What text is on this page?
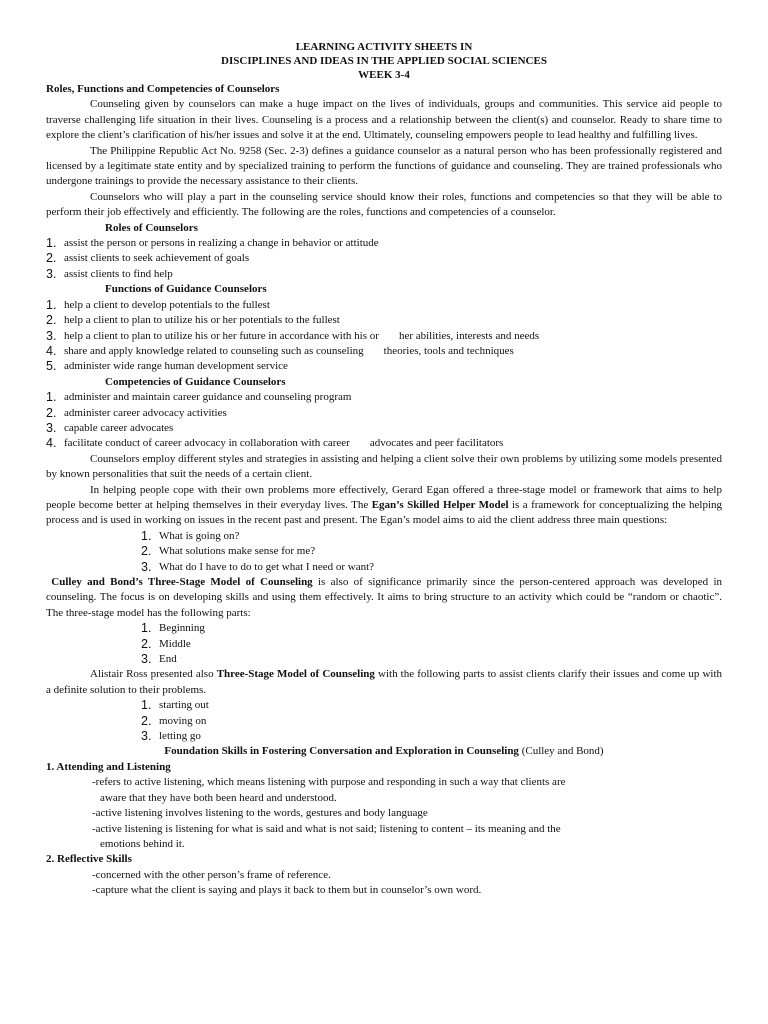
LEARNING ACTIVITY SHEETS IN
DISCIPLINES AND IDEAS IN THE APPLIED SOCIAL SCIENCES
WEEK 3-4
Roles, Functions and Competencies of Counselors

Counseling given by counselors can make a huge impact on the lives of individuals, groups and communities. This service aid people to traverse challenging life situation in their lives. Counseling is a process and a relationship between the client(s) and counselor. Ready to share time to explore the client’s clarification of his/her issues and solve it at the end. Ultimately, counseling empowers people to lead healthy and fulfilling lives.

The Philippine Republic Act No. 9258 (Sec. 2-3) defines a guidance counselor as a natural person who has been professionally registered and licensed by a legitimate state entity and by specialized training to perform the functions of guidance and counseling. They are trained professionals who undergone trainings to provide the necessary assistance to their clients.

Counselors who will play a part in the counseling service should know their roles, functions and competencies so that they will be able to perform their job effectively and efficiently. The following are the roles, functions and competencies of a counselor.

Roles of Counselors
1. assist the person or persons in realizing a change in behavior or attitude
2. assist clients to seek achievement of goals
3. assist clients to find help
Functions of Guidance Counselors
1. help a client to develop potentials to the fullest
2. help a client to plan to utilize his or her potentials to the fullest
3. help a client to plan to utilize his or her future in accordance with his or her abilities, interests and needs
4. share and apply knowledge related to counseling such as counseling theories, tools and techniques
5. administer wide range human development service
Competencies of Guidance Counselors
1. administer and maintain career guidance and counseling program
2. administer career advocacy activities
3. capable career advocates
4. facilitate conduct of career advocacy in collaboration with career advocates and peer facilitators

Counselors employ different styles and strategies in assisting and helping a client solve their own problems by utilizing some models presented by known personalities that suit the needs of a certain client.

In helping people cope with their own problems more effectively, Gerard Egan offered a three-stage model or framework that aims to help people become better at helping themselves in their everyday lives. The Egan’s Skilled Helper Model is a framework for conceptualizing the helping process and is used in working on issues in the recent past and present. The Egan’s model aims to aid the client address three main questions:

1. What is going on?
2. What solutions make sense for me?
3. What do I have to do to get what I need or want?

Culley and Bond’s Three-Stage Model of Counseling is also of significance primarily since the person-centered approach was developed in counseling. The focus is on developing skills and using them effectively. It aims to bring structure to an activity which could be “random or chaotic”. The three-stage model has the following parts:

1. Beginning
2. Middle
3. End

Alistair Ross presented also Three-Stage Model of Counseling with the following parts to assist clients clarify their issues and come up with a definite solution to their problems.

1. starting out
2. moving on
3. letting go
Foundation Skills in Fostering Conversation and Exploration in Counseling (Culley and Bond)
1. Attending and Listening
-refers to active listening, which means listening with purpose and responding in such a way that clients are
aware that they have both been heard and understood.
-active listening involves listening to the words, gestures and body language
-active listening is listening for what is said and what is not said; listening to content – its meaning and the
emotions behind it.
2. Reflective Skills
-concerned with the other person’s frame of reference.
-capture what the client is saying and plays it back to them but in counselor’s own word.
